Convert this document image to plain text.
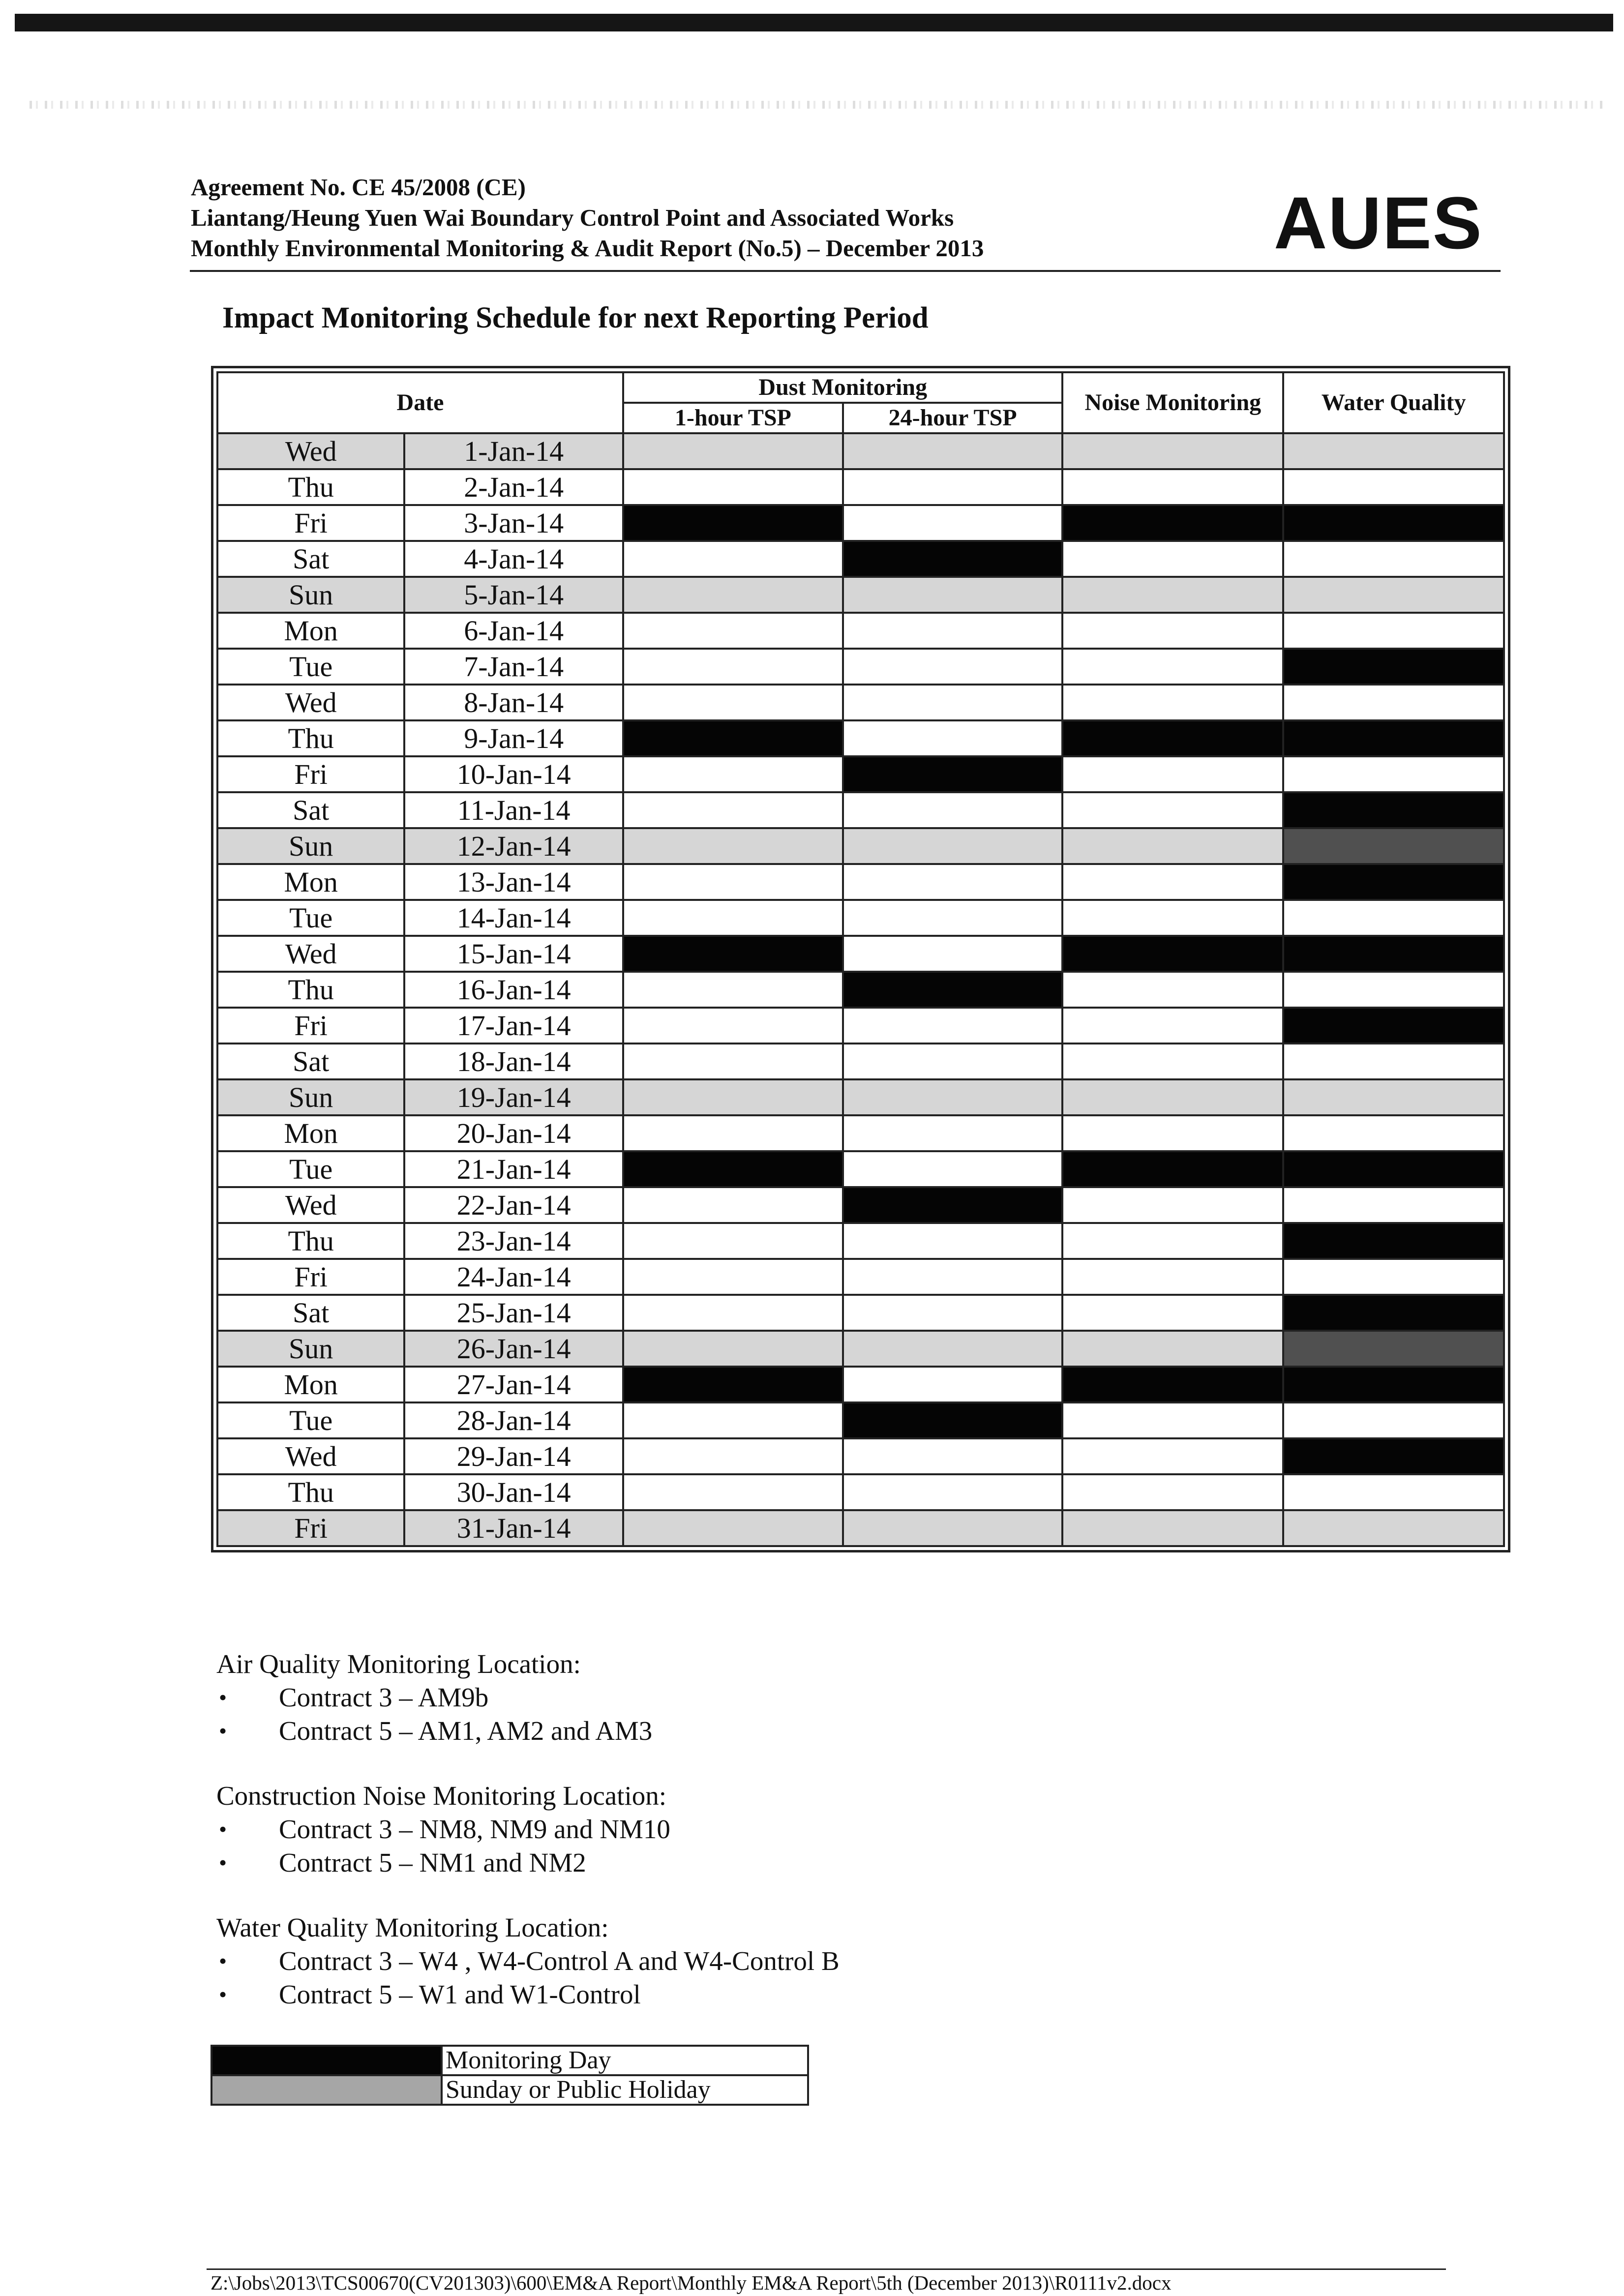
Agreement No. CE 45/2008 (CE)
Liantang/Heung Yuen Wai Boundary Control Point and Associated Works
Monthly Environmental Monitoring & Audit Report (No.5) – December 2013	AUES
Impact Monitoring Schedule for next Reporting Period
Date		Dust Monitoring		Noise Monitoring	Water Quality
		1-hour TSP	24-hour TSP		
Wed	1-Jan-14				
Thu	2-Jan-14				
Fri	3-Jan-14				
Sat	4-Jan-14				
Sun	5-Jan-14				
Mon	6-Jan-14				
Tue	7-Jan-14				
Wed	8-Jan-14				
Thu	9-Jan-14				
Fri	10-Jan-14				
Sat	11-Jan-14				
Sun	12-Jan-14				
Mon	13-Jan-14				
Tue	14-Jan-14				
Wed	15-Jan-14				
Thu	16-Jan-14				
Fri	17-Jan-14				
Sat	18-Jan-14				
Sun	19-Jan-14				
Mon	20-Jan-14				
Tue	21-Jan-14				
Wed	22-Jan-14				
Thu	23-Jan-14				
Fri	24-Jan-14				
Sat	25-Jan-14				
Sun	26-Jan-14				
Mon	27-Jan-14				
Tue	28-Jan-14				
Wed	29-Jan-14				
Thu	30-Jan-14				
Fri	31-Jan-14				
Air Quality Monitoring Location:
• Contract 3 – AM9b
• Contract 5 – AM1, AM2 and AM3
Construction Noise Monitoring Location:
• Contract 3 – NM8, NM9 and NM10
• Contract 5 – NM1 and NM2
Water Quality Monitoring Location:
• Contract 3 – W4 , W4-Control A and W4-Control B
• Contract 5 – W1 and W1-Control
	Monitoring Day
	Sunday or Public Holiday
Z:\Jobs\2013\TCS00670(CV201303)\600\EM&A Report\Monthly EM&A Report\5th (December 2013)\R0111v2.docx
